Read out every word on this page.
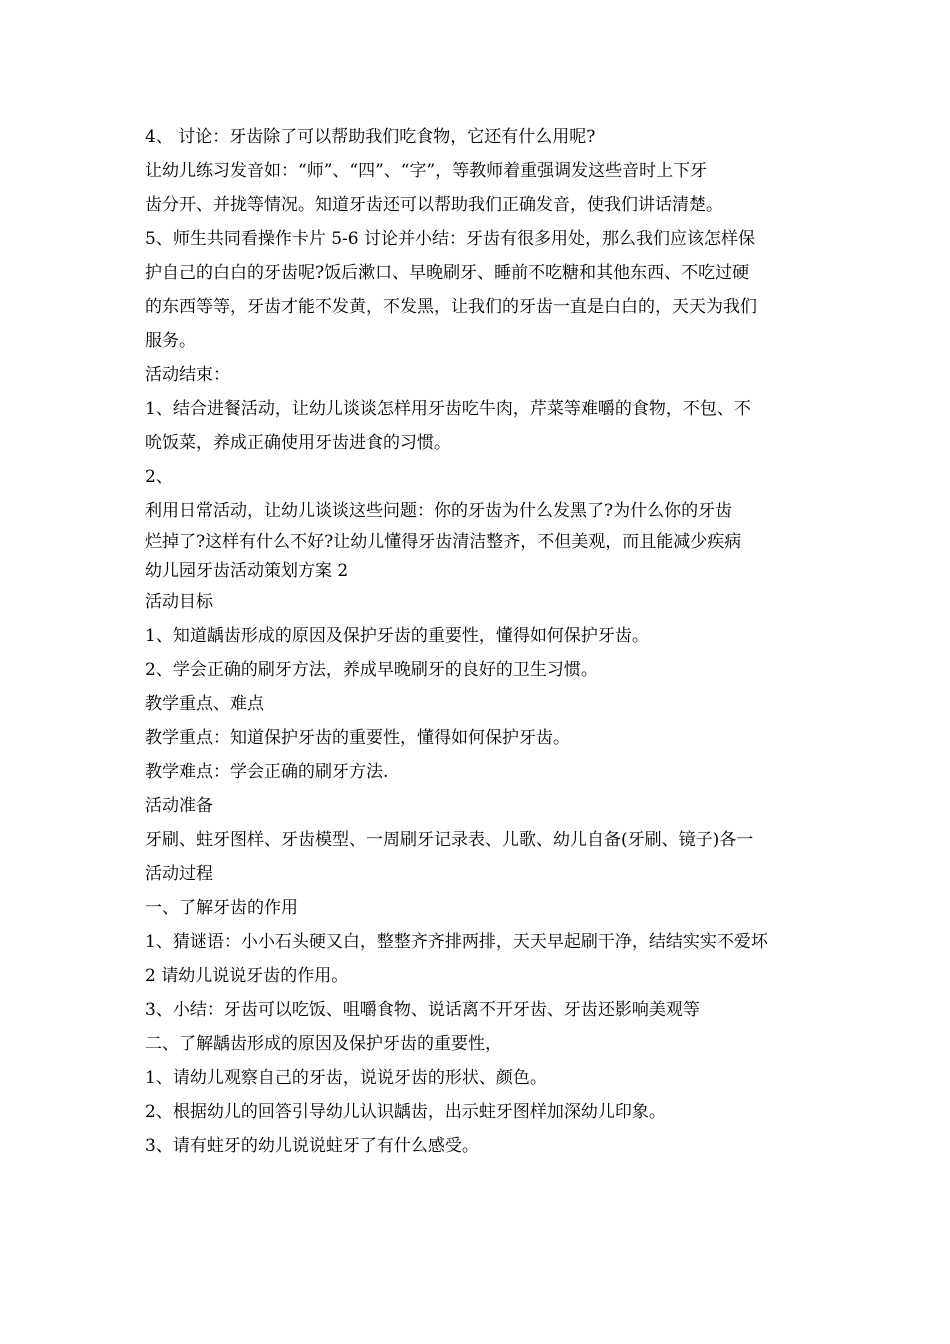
4、 讨论：牙齿除了可以帮助我们吃食物，它还有什么用呢?
让幼儿练习发音如：“师”、“四”、“字”，等教师着重强调发这些音时上下牙
齿分开、并拢等情况。知道牙齿还可以帮助我们正确发音，使我们讲话清楚。
5、师生共同看操作卡片 5-6 讨论并小结：牙齿有很多用处，那么我们应该怎样保
护自己的白白的牙齿呢?饭后漱口、早晚刷牙、睡前不吃糖和其他东西、不吃过硬
的东西等等，牙齿才能不发黄，不发黑，让我们的牙齿一直是白白的，天天为我们
服务。
活动结束：
1、结合进餐活动，让幼儿谈谈怎样用牙齿吃牛肉，芹菜等难嚼的食物，不包、不
吮饭菜，养成正确使用牙齿进食的习惯。
2、
利用日常活动，让幼儿谈谈这些问题：你的牙齿为什么发黑了?为什么你的牙齿
烂掉了?这样有什么不好?让幼儿懂得牙齿清洁整齐，不但美观，而且能减少疾病
幼儿园牙齿活动策划方案 2
活动目标
1、知道龋齿形成的原因及保护牙齿的重要性，懂得如何保护牙齿。
2、学会正确的刷牙方法，养成早晚刷牙的良好的卫生习惯。
教学重点、难点
教学重点：知道保护牙齿的重要性，懂得如何保护牙齿。
教学难点：学会正确的刷牙方法.
活动准备
牙刷、蛀牙图样、牙齿模型、一周刷牙记录表、儿歌、幼儿自备(牙刷、镜子)各一
活动过程
一、了解牙齿的作用
1、猜谜语：小小石头硬又白，整整齐齐排两排，天天早起刷干净，结结实实不爱坏
2 请幼儿说说牙齿的作用。
3、小结：牙齿可以吃饭、咀嚼食物、说话离不开牙齿、牙齿还影响美观等
二、了解龋齿形成的原因及保护牙齿的重要性，
1、请幼儿观察自己的牙齿，说说牙齿的形状、颜色。
2、根据幼儿的回答引导幼儿认识龋齿，出示蛀牙图样加深幼儿印象。
3、请有蛀牙的幼儿说说蛀牙了有什么感受。
